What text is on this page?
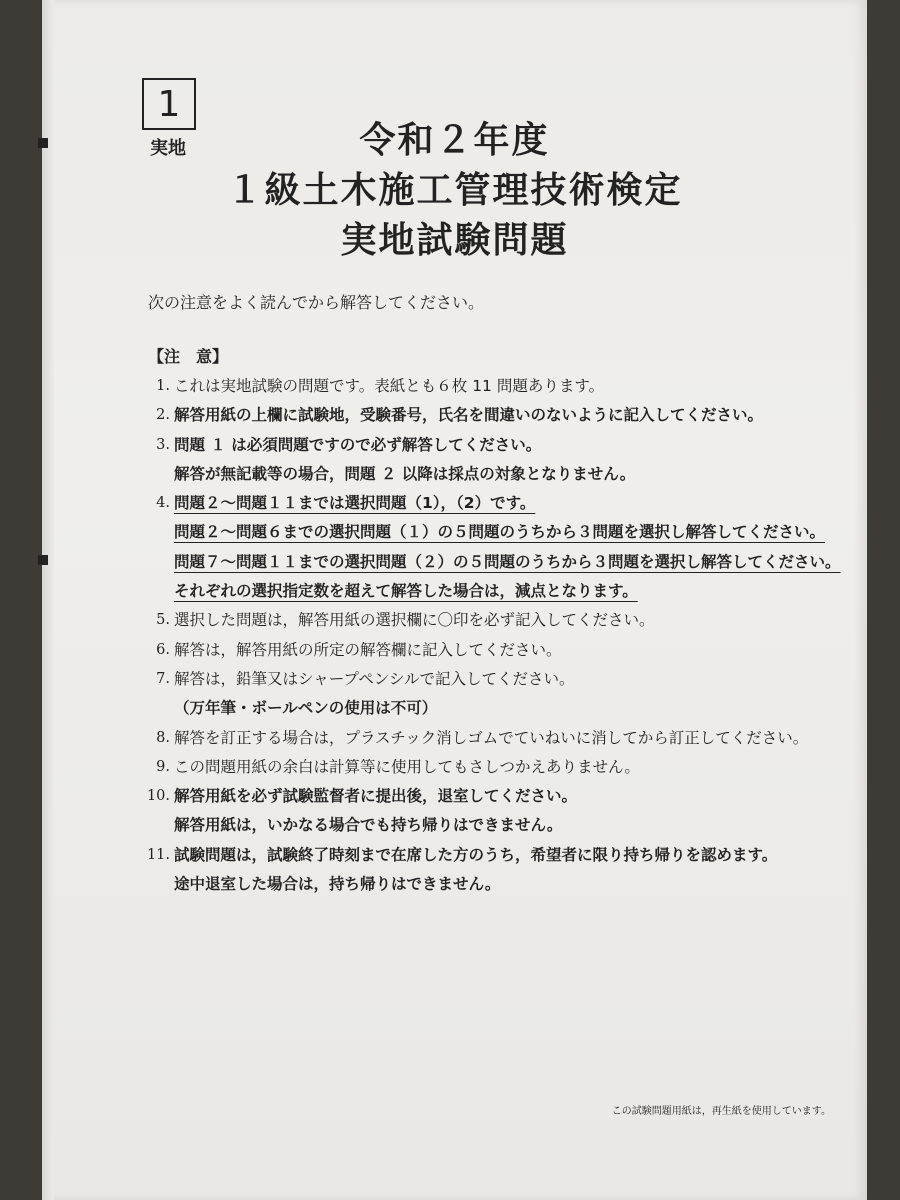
1
実地	令和２年度
１級土木施工管理技術検定
実地試験問題
次の注意をよく読んでから解答してください。
【注　意】
1. これは実地試験の問題です。表紙とも６枚 11 問題あります。
2. 解答用紙の上欄に試験地，受験番号，氏名を間違いのないように記入してください。
3. 問題 １ は必須問題ですので必ず解答してください。
解答が無記載等の場合，問題 ２ 以降は採点の対象となりません。
4. 問題２～問題１１までは選択問題（1），（2）です。
問題２～問題６までの選択問題（１）の５問題のうちから３問題を選択し解答してください。
問題７～問題１１までの選択問題（２）の５問題のうちから３問題を選択し解答してください。
それぞれの選択指定数を超えて解答した場合は，減点となります。
5. 選択した問題は，解答用紙の選択欄に〇印を必ず記入してください。
6. 解答は，解答用紙の所定の解答欄に記入してください。
7. 解答は，鉛筆又はシャープペンシルで記入してください。
（万年筆・ボールペンの使用は不可）
8. 解答を訂正する場合は，プラスチック消しゴムでていねいに消してから訂正してください。
9. この問題用紙の余白は計算等に使用してもさしつかえありません。
10. 解答用紙を必ず試験監督者に提出後，退室してください。
解答用紙は，いかなる場合でも持ち帰りはできません。
11. 試験問題は，試験終了時刻まで在席した方のうち，希望者に限り持ち帰りを認めます。
途中退室した場合は，持ち帰りはできません。
この試験問題用紙は，再生紙を使用しています。
